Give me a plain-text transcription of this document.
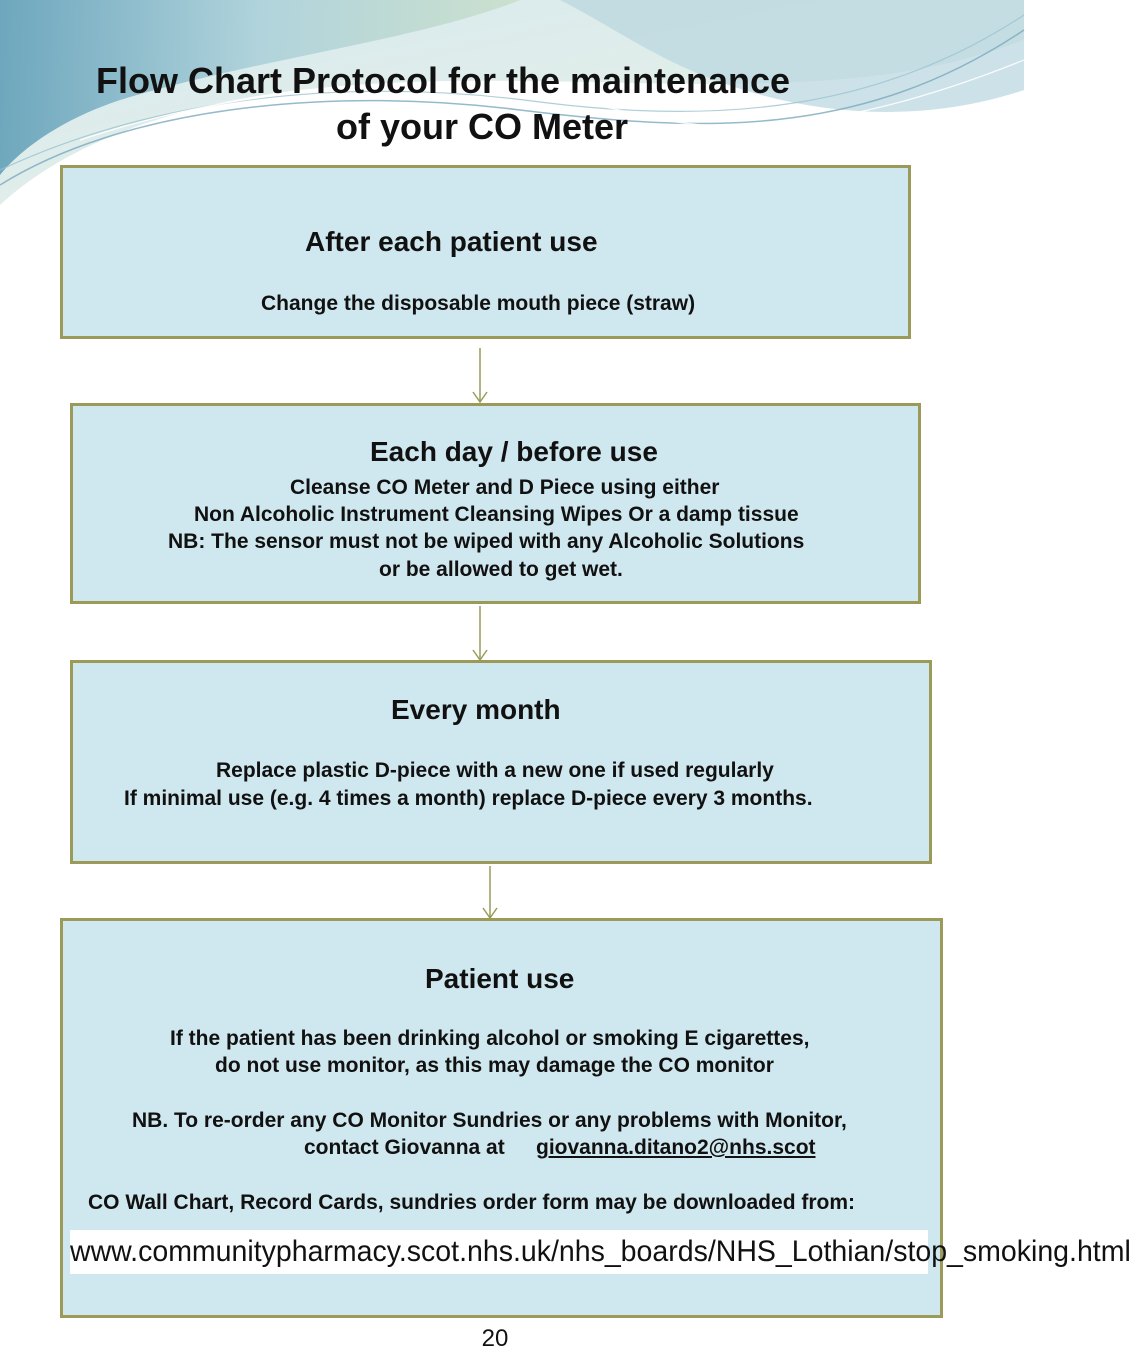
Flow Chart Protocol for the maintenance
of your CO Meter
After each patient use
Change the disposable mouth piece (straw)
Each day / before use
Cleanse CO Meter and D Piece using either
Non Alcoholic Instrument Cleansing Wipes Or a damp tissue
NB: The sensor must not be wiped with any Alcoholic Solutions
or be allowed to get wet.
Every month
Replace plastic D-piece with a new one if used regularly
If minimal use (e.g. 4 times a month) replace D-piece every 3 months.
Patient use
If the patient has been drinking alcohol or smoking E cigarettes,
do not use monitor, as this may damage the CO monitor
NB. To re-order any CO Monitor Sundries or any problems with Monitor,
contact Giovanna at giovanna.ditano2@nhs.scot
CO Wall Chart, Record Cards, sundries order form may be downloaded from:
www.communitypharmacy.scot.nhs.uk/nhs_boards/NHS_Lothian/stop_smoking.html
20
